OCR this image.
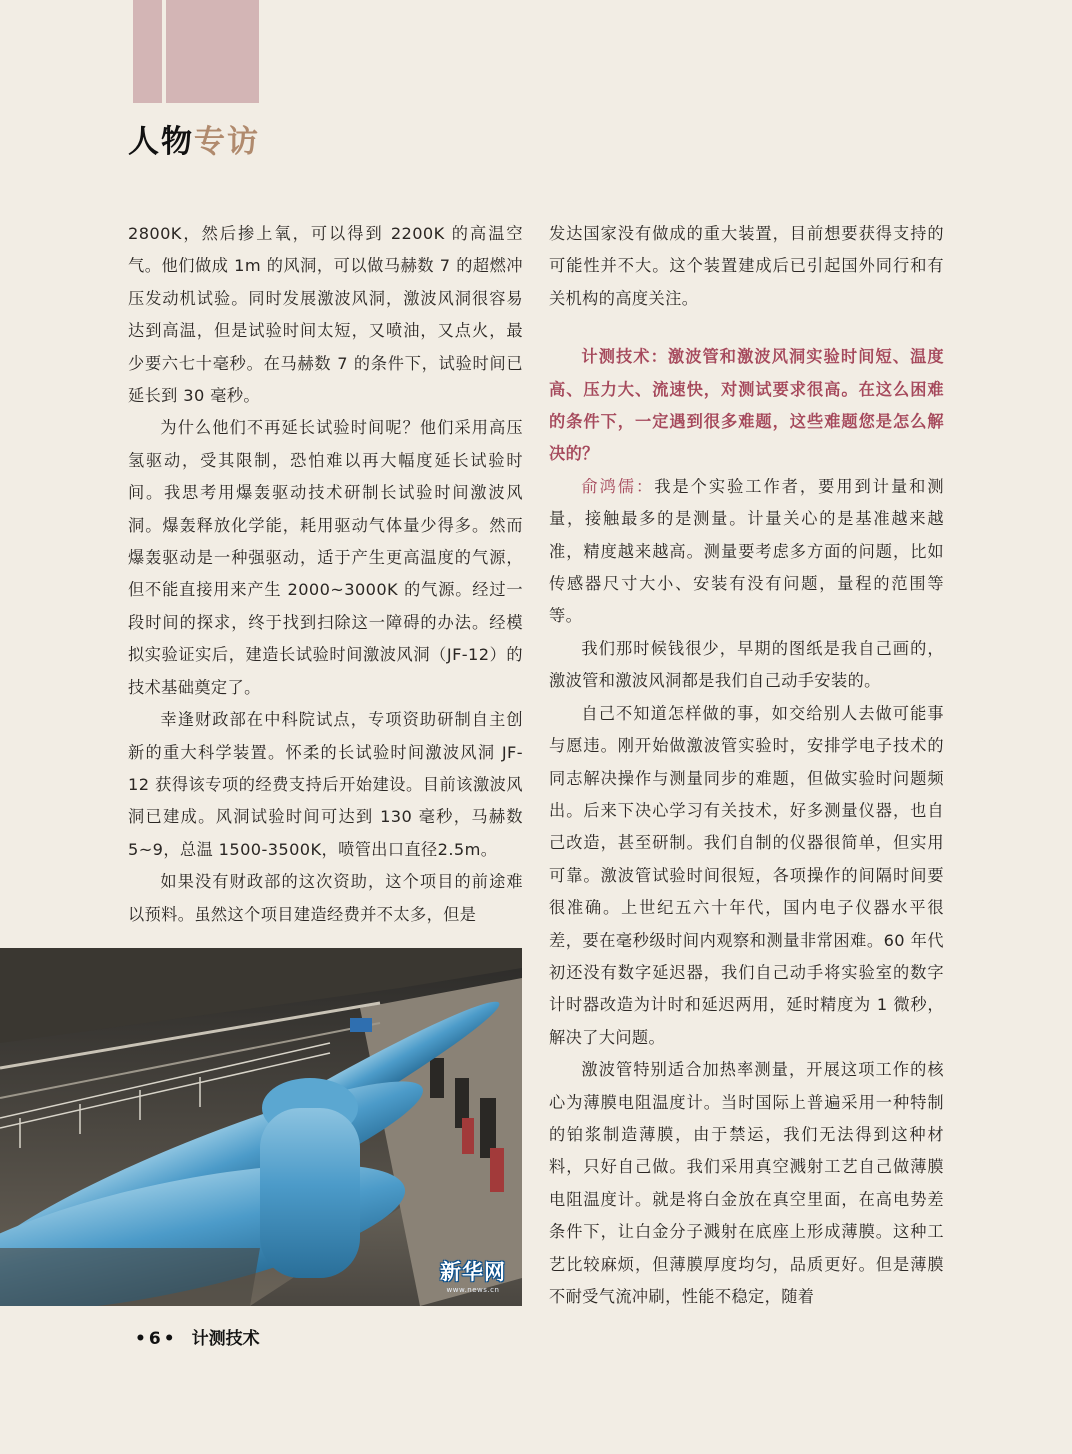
人物专访

2800K，然后掺上氧，可以得到 2200K 的高温空气。他们做成 1m 的风洞，可以做马赫数 7 的超燃冲压发动机试验。同时发展激波风洞，激波风洞很容易达到高温，但是试验时间太短，又喷油，又点火，最少要六七十毫秒。在马赫数 7 的条件下，试验时间已延长到 30 毫秒。

为什么他们不再延长试验时间呢？他们采用高压氢驱动，受其限制，恐怕难以再大幅度延长试验时间。我思考用爆轰驱动技术研制长试验时间激波风洞。爆轰释放化学能，耗用驱动气体量少得多。然而爆轰驱动是一种强驱动，适于产生更高温度的气源，但不能直接用来产生 2000~3000K 的气源。经过一段时间的探求，终于找到扫除这一障碍的办法。经模拟实验证实后，建造长试验时间激波风洞（JF-12）的技术基础奠定了。

幸逢财政部在中科院试点，专项资助研制自主创新的重大科学装置。怀柔的长试验时间激波风洞 JF-12 获得该专项的经费支持后开始建设。目前该激波风洞已建成。风洞试验时间可达到 130 毫秒，马赫数5~9，总温 1500-3500K，喷管出口直径2.5m。

如果没有财政部的这次资助，这个项目的前途难以预料。虽然这个项目建造经费并不太多，但是

发达国家没有做成的重大装置，目前想要获得支持的可能性并不大。这个装置建成后已引起国外同行和有关机构的高度关注。

计测技术：激波管和激波风洞实验时间短、温度高、压力大、流速快，对测试要求很高。在这么困难的条件下，一定遇到很多难题，这些难题您是怎么解决的？

俞鸿儒：我是个实验工作者，要用到计量和测量，接触最多的是测量。计量关心的是基准越来越准，精度越来越高。测量要考虑多方面的问题，比如传感器尺寸大小、安装有没有问题，量程的范围等等。

我们那时候钱很少，早期的图纸是我自己画的，激波管和激波风洞都是我们自己动手安装的。

自己不知道怎样做的事，如交给别人去做可能事与愿违。刚开始做激波管实验时，安排学电子技术的同志解决操作与测量同步的难题，但做实验时问题频出。后来下决心学习有关技术，好多测量仪器，也自己改造，甚至研制。我们自制的仪器很简单，但实用可靠。激波管试验时间很短，各项操作的间隔时间要很准确。上世纪五六十年代，国内电子仪器水平很差，要在毫秒级时间内观察和测量非常困难。60 年代初还没有数字延迟器，我们自己动手将实验室的数字计时器改造为计时和延迟两用，延时精度为 1 微秒，解决了大问题。

激波管特别适合加热率测量，开展这项工作的核心为薄膜电阻温度计。当时国际上普遍采用一种特制的铂浆制造薄膜，由于禁运，我们无法得到这种材料，只好自己做。我们采用真空溅射工艺自己做薄膜电阻温度计。就是将白金放在真空里面，在高电势差条件下，让白金分子溅射在底座上形成薄膜。这种工艺比较麻烦，但薄膜厚度均匀，品质更好。但是薄膜不耐受气流冲刷，性能不稳定，随着

新华网
www.news.cn
• 6 • 计测技术
